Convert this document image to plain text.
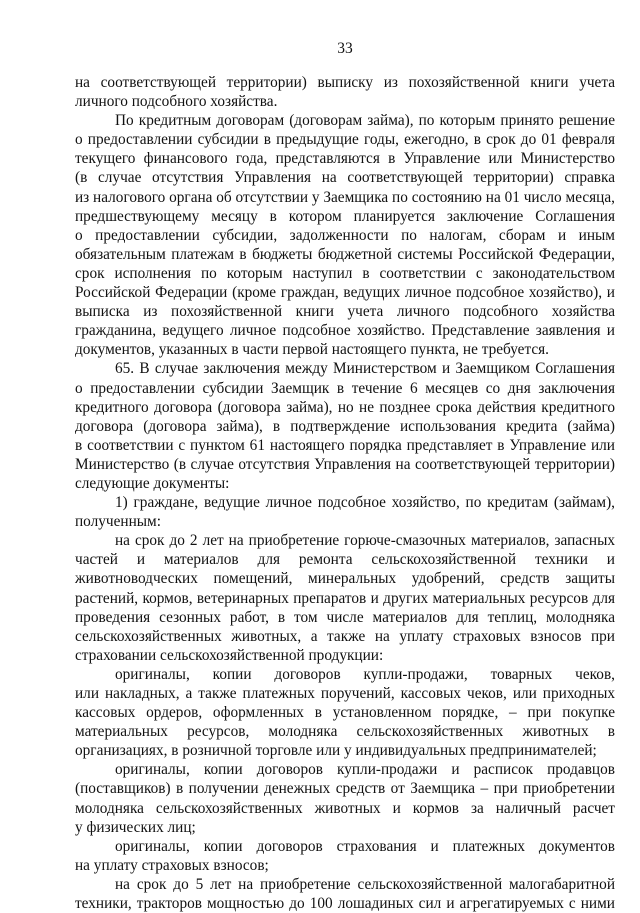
33
на соответствующей территории) выписку из похозяйственной книги учета
личного подсобного хозяйства.
По кредитным договорам (договорам займа), по которым принято решение
о предоставлении субсидии в предыдущие годы, ежегодно, в срок до 01 февраля
текущего финансового года, представляются в Управление или Министерство
(в случае отсутствия Управления на соответствующей территории) справка
из налогового органа об отсутствии у Заемщика по состоянию на 01 число месяца,
предшествующему месяцу в котором планируется заключение Соглашения
о предоставлении субсидии, задолженности по налогам, сборам и иным
обязательным платежам в бюджеты бюджетной системы Российской Федерации,
срок исполнения по которым наступил в соответствии с законодательством
Российской Федерации (кроме граждан, ведущих личное подсобное хозяйство), и
выписка из похозяйственной книги учета личного подсобного хозяйства
гражданина, ведущего личное подсобное хозяйство. Представление заявления и
документов, указанных в части первой настоящего пункта, не требуется.
65. В случае заключения между Министерством и Заемщиком Соглашения
о предоставлении субсидии Заемщик в течение 6 месяцев со дня заключения
кредитного договора (договора займа), но не позднее срока действия кредитного
договора (договора займа), в подтверждение использования кредита (займа)
в соответствии с пунктом 61 настоящего порядка представляет в Управление или
Министерство (в случае отсутствия Управления на соответствующей территории)
следующие документы:
1) граждане, ведущие личное подсобное хозяйство, по кредитам (займам),
полученным:
на срок до 2 лет на приобретение горюче-смазочных материалов, запасных
частей и материалов для ремонта сельскохозяйственной техники и
животноводческих помещений, минеральных удобрений, средств защиты
растений, кормов, ветеринарных препаратов и других материальных ресурсов для
проведения сезонных работ, в том числе материалов для теплиц, молодняка
сельскохозяйственных животных, а также на уплату страховых взносов при
страховании сельскохозяйственной продукции:
оригиналы, копии договоров купли-продажи, товарных чеков,
или накладных, а также платежных поручений, кассовых чеков, или приходных
кассовых ордеров, оформленных в установленном порядке, – при покупке
материальных ресурсов, молодняка сельскохозяйственных животных в
организациях, в розничной торговле или у индивидуальных предпринимателей;
оригиналы, копии договоров купли-продажи и расписок продавцов
(поставщиков) в получении денежных средств от Заемщика – при приобретении
молодняка сельскохозяйственных животных и кормов за наличный расчет
у физических лиц;
оригиналы, копии договоров страхования и платежных документов
на уплату страховых взносов;
на срок до 5 лет на приобретение сельскохозяйственной малогабаритной
техники, тракторов мощностью до 100 лошадиных сил и агрегатируемых с ними
